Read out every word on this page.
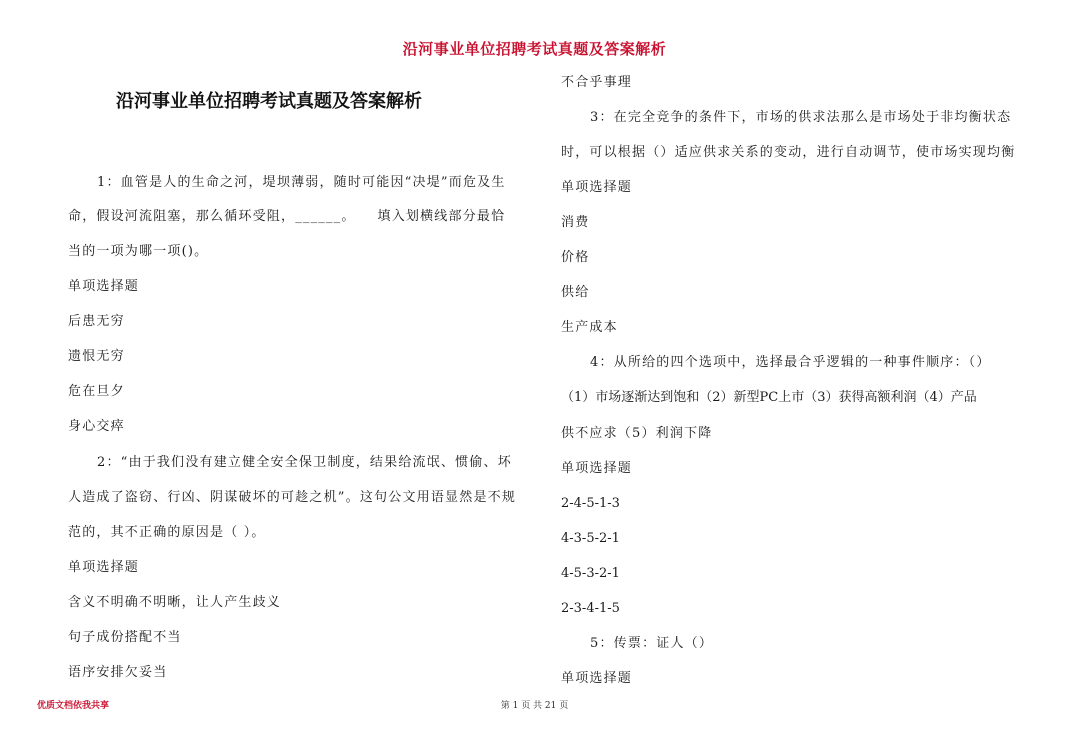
沿河事业单位招聘考试真题及答案解析
沿河事业单位招聘考试真题及答案解析
1：血管是人的生命之河，堤坝薄弱，随时可能因“决堤”而危及生
命，假设河流阻塞，那么循环受阻，______。　　填入划横线部分最恰
当的一项为哪一项()。
单项选择题
后患无穷
遗恨无穷
危在旦夕
身心交瘁
2：“由于我们没有建立健全安全保卫制度，结果给流氓、惯偷、坏
人造成了盗窃、行凶、阴谋破坏的可趁之机”。这句公文用语显然是不规
范的，其不正确的原因是（ ）。
单项选择题
含义不明确不明晰，让人产生歧义
句子成份搭配不当
语序安排欠妥当
不合乎事理
3：在完全竞争的条件下，市场的供求法那么是市场处于非均衡状态
时，可以根据（）适应供求关系的变动，进行自动调节，使市场实现均衡
单项选择题
消费
价格
供给
生产成本
4：从所给的四个选项中，选择最合乎逻辑的一种事件顺序：（）
（1）市场逐渐达到饱和（2）新型PC上市（3）获得高额利润（4）产品
供不应求（5）利润下降
单项选择题
2-4-5-1-3
4-3-5-2-1
4-5-3-2-1
2-3-4-1-5
5：传票：证人（）
单项选择题
优质文档依我共享	第 1 页 共 21 页
